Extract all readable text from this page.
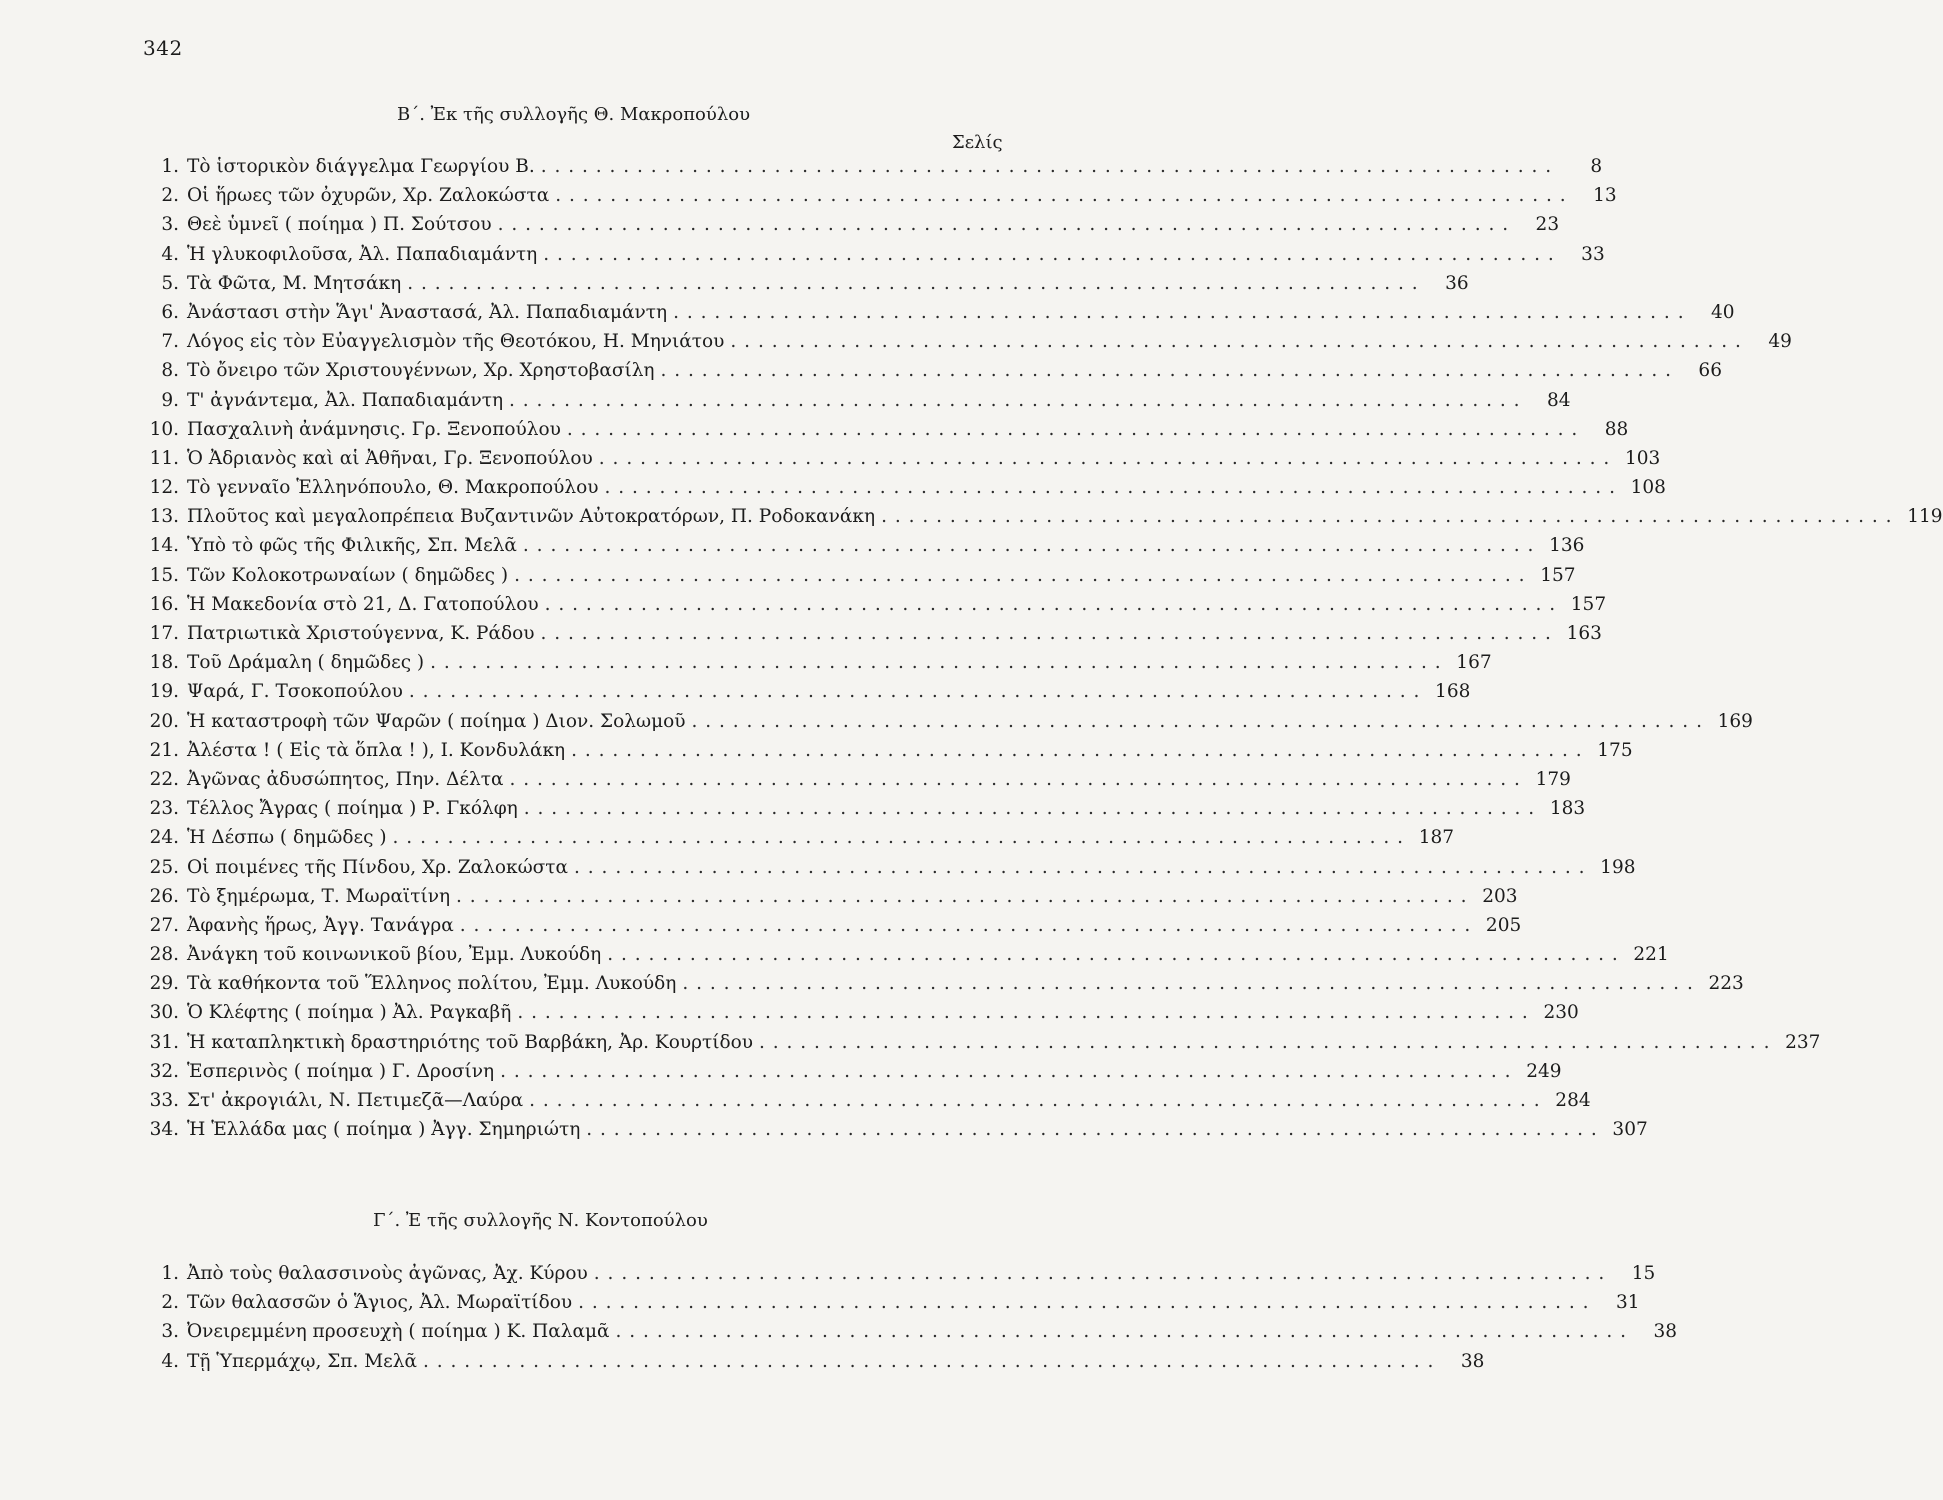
342
Β΄. Ἐκ τῆς συλλογῆς Θ. Μακροπούλου
Σελίς
1. Τὸ ἱστορικὸν διάγγελμα Γεωργίου Β. . . .	8
2. Οἱ ἥρωες τῶν ὀχυρῶν, Χρ. Ζαλοκώστα . . .	13
3. Θεὲ ὑμνεῖ ( ποίημα ) Π. Σούτσου . . .	23
4. Ἡ γλυκοφιλοῦσα, Ἀλ. Παπαδιαμάντη . . .	33
5. Τὰ Φῶτα, Μ. Μητσάκη . . .	36
6. Ἀνάστασι στὴν Ἅγι' Ἀναστασά, Ἀλ. Παπαδιαμάντη . . .	40
7. Λόγος εἰς τὸν Εὐαγγελισμὸν τῆς Θεοτόκου, Η. Μηνιάτου . . .	49
8. Τὸ ὄνειρο τῶν Χριστουγέννων, Χρ. Χρηστοβασίλη . . .	66
9. Τ' ἀγνάντεμα, Ἀλ. Παπαδιαμάντη . . .	84
10. Πασχαλινὴ ἀνάμνησις. Γρ. Ξενοπούλου . . .	88
11. Ὁ Ἀδριανὸς καὶ αἱ Ἀθῆναι, Γρ. Ξενοπούλου . . .	103
12. Τὸ γενναῖο Ἑλληνόπουλο, Θ. Μακροπούλου . . .	108
13. Πλοῦτος καὶ μεγαλοπρέπεια Βυζαντινῶν Αὐτοκρατόρων, Π. Ροδοκανάκη . . .	119
14. Ὑπὸ τὸ φῶς τῆς Φιλικῆς, Σπ. Μελᾶ . . .	136
15. Τῶν Κολοκοτρωναίων ( δημῶδες ) . . .	157
16. Ἡ Μακεδονία στὸ 21, Δ. Γατοπούλου . . .	157
17. Πατριωτικὰ Χριστούγεννα, Κ. Ράδου . . .	163
18. Τοῦ Δράμαλη ( δημῶδες ) . . .	167
19. Ψαρά, Γ. Τσοκοπούλου . . .	168
20. Ἡ καταστροφὴ τῶν Ψαρῶν ( ποίημα ) Διον. Σολωμοῦ . . .	169
21. Ἀλέστα ! ( Εἰς τὰ ὅπλα ! ), Ι. Κονδυλάκη . . .	175
22. Ἀγῶνας ἀδυσώπητος, Πην. Δέλτα . . .	179
23. Τέλλος Ἄγρας ( ποίημα ) Ρ. Γκόλφη . . .	183
24. Ἡ Δέσπω ( δημῶδες ) . . .	187
25. Οἱ ποιμένες τῆς Πίνδου, Χρ. Ζαλοκώστα . . .	198
26. Τὸ ξημέρωμα, Τ. Μωραϊτίνη . . .	203
27. Ἀφανὴς ἥρως, Ἀγγ. Τανάγρα . . .	205
28. Ἀνάγκη τοῦ κοινωνικοῦ βίου, Ἐμμ. Λυκούδη . . .	221
29. Τὰ καθήκοντα τοῦ Ἕλληνος πολίτου, Ἐμμ. Λυκούδη . . .	223
30. Ὁ Κλέφτης ( ποίημα ) Ἀλ. Ραγκαβῆ . . .	230
31. Ἡ καταπληκτικὴ δραστηριότης τοῦ Βαρβάκη, Ἀρ. Κουρτίδου . . .	237
32. Ἑσπερινὸς ( ποίημα ) Γ. Δροσίνη . . .	249
33. Στ' ἀκρογιάλι, Ν. Πετιμεζᾶ—Λαύρα . . .	284
34. Ἡ Ἑλλάδα μας ( ποίημα ) Ἀγγ. Σημηριώτη . . .	307
Γ΄. Ἐ τῆς συλλογῆς Ν. Κοντοπούλου
1. Ἀπὸ τοὺς θαλασσινοὺς ἀγῶνας, Ἀχ. Κύρου . . .	15
2. Τῶν θαλασσῶν ὁ Ἅγιος, Ἀλ. Μωραϊτίδου . . .	31
3. Ὀνειρεμμένη προσευχὴ ( ποίημα ) Κ. Παλαμᾶ . . .	38
4. Τῇ Ὑπερμάχῳ, Σπ. Μελᾶ . . .	38
